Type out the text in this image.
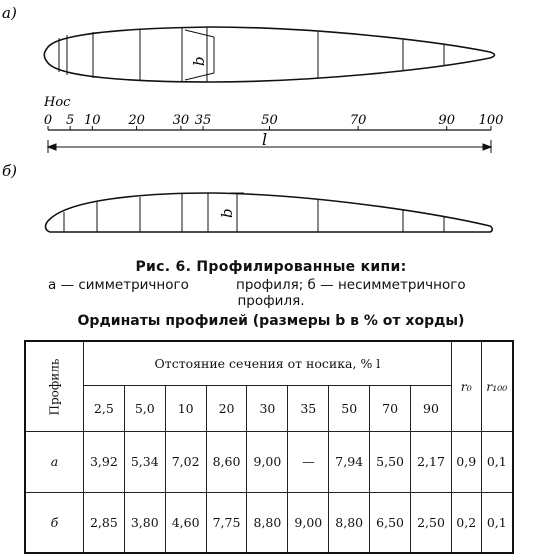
а)
b
Нос
0 5 10 20 30 35	50	70	90 100
l
б)
b
Рис. 6. Профилированные кипи:
а — симметричного	профиля; б — несимметричного
профиля.
Ординаты профилей (размеры b в % от хорды)
Профиль	Отстояние сечения от носика, % l									r₀	r₁₀₀
	2,5	5,0	10	20	30	35	50	70	90		
а	3,92	5,34	7,02	8,60	9,00	—	7,94	5,50	2,17	0,9	0,1
б	2,85	3,80	4,60	7,75	8,80	9,00	8,80	6,50	2,50	0,2	0,1
